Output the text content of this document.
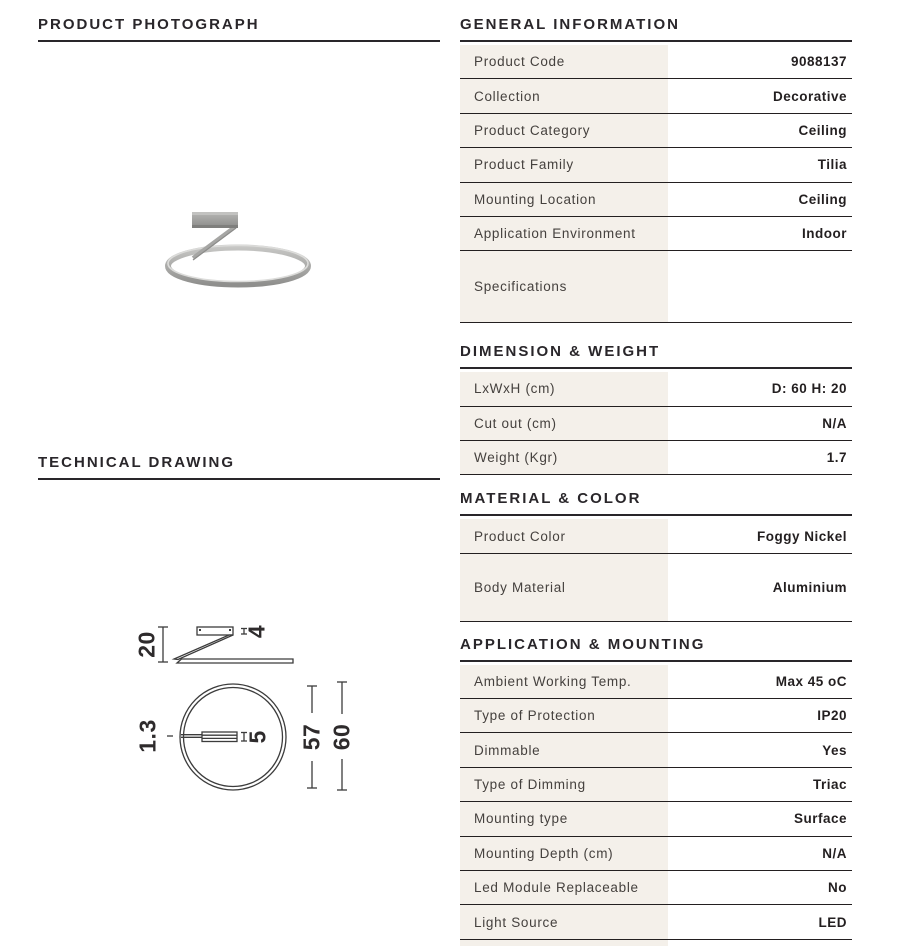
PRODUCT PHOTOGRAPH
TECHNICAL DRAWING
20	4
1.3	5 57 60
GENERAL INFORMATION
Product Code	9088137
Collection	Decorative
Product Category	Ceiling
Product Family	Tilia
Mounting Location	Ceiling
Application Environment	Indoor
Specifications
DIMENSION & WEIGHT
LxWxH (cm)	D: 60 H: 20
Cut out (cm)	N/A
Weight (Kgr)	1.7
MATERIAL & COLOR
Product Color	Foggy Nickel
Body Material	Aluminium
APPLICATION & MOUNTING
Ambient Working Temp.	Max 45 oC
Type of Protection	IP20
Dimmable	Yes
Type of Dimming	Triac
Mounting type	Surface
Mounting Depth (cm)	N/A
Led Module Replaceable	No
Light Source	LED
